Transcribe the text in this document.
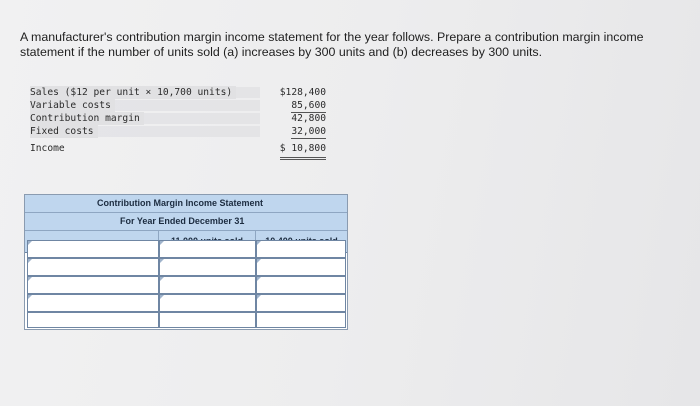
A manufacturer's contribution margin income statement for the year follows. Prepare a contribution margin income statement if the number of units sold (a) increases by 300 units and (b) decreases by 300 units.

Sales ($12 per unit × 10,700 units)	$128,400
Variable costs	85,600
Contribution margin	42,800
Fixed costs	32,000
Income	$ 10,800
Contribution Margin Income Statement
For Year Ended December 31
